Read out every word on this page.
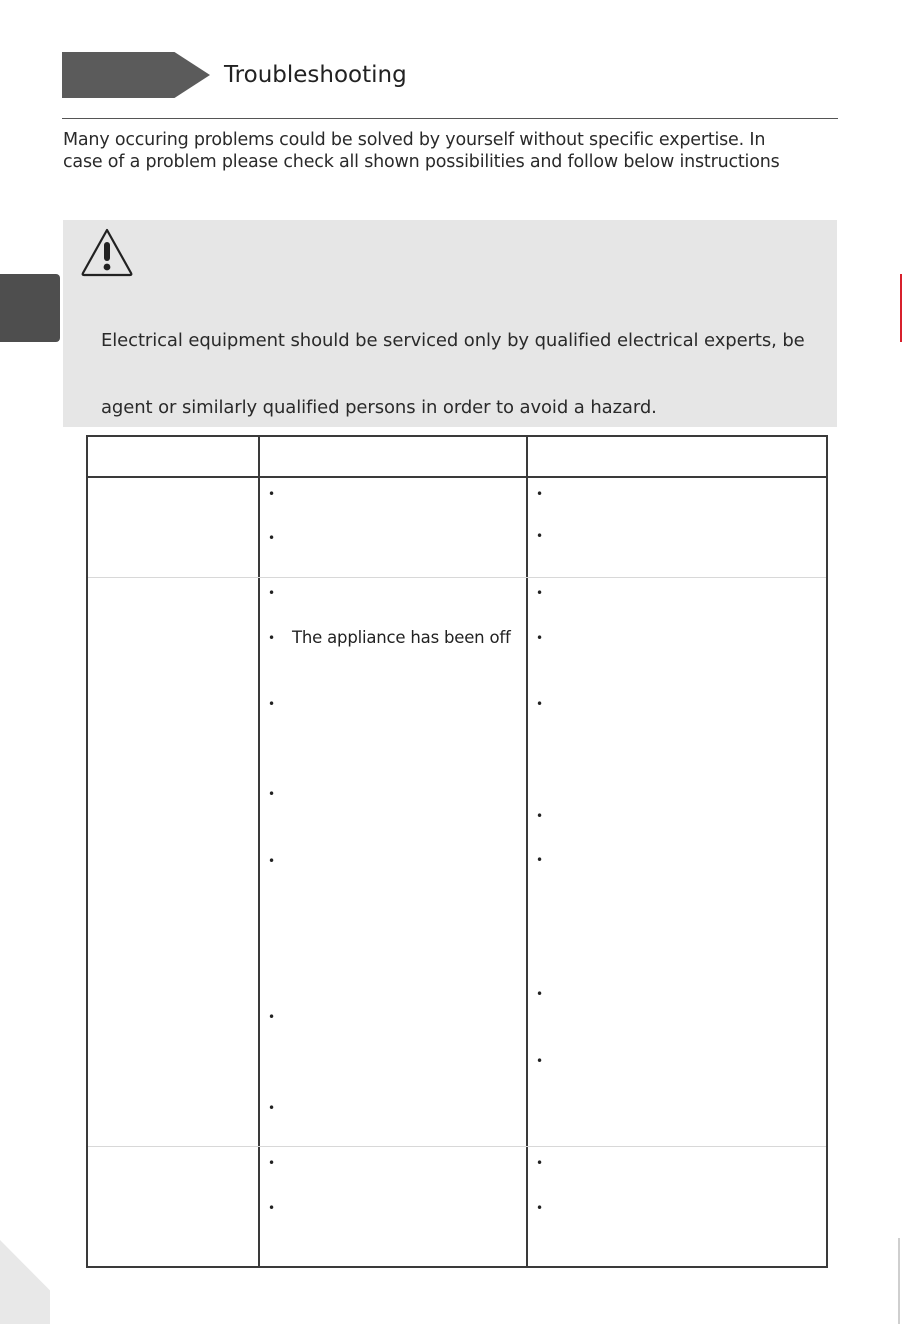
Troubleshooting
Many occuring problems could be solved by yourself without specific expertise. In
case of a problem please check all shown possibilities and follow below instructions
Electrical equipment should be serviced only by qualified electrical experts, be
agent or similarly qualified persons in order to avoid a hazard.
•
•
•
• The appliance has been off
•
•
•
•
•
•
•
•
•
•
•
•
•
•
•
•
•
•
